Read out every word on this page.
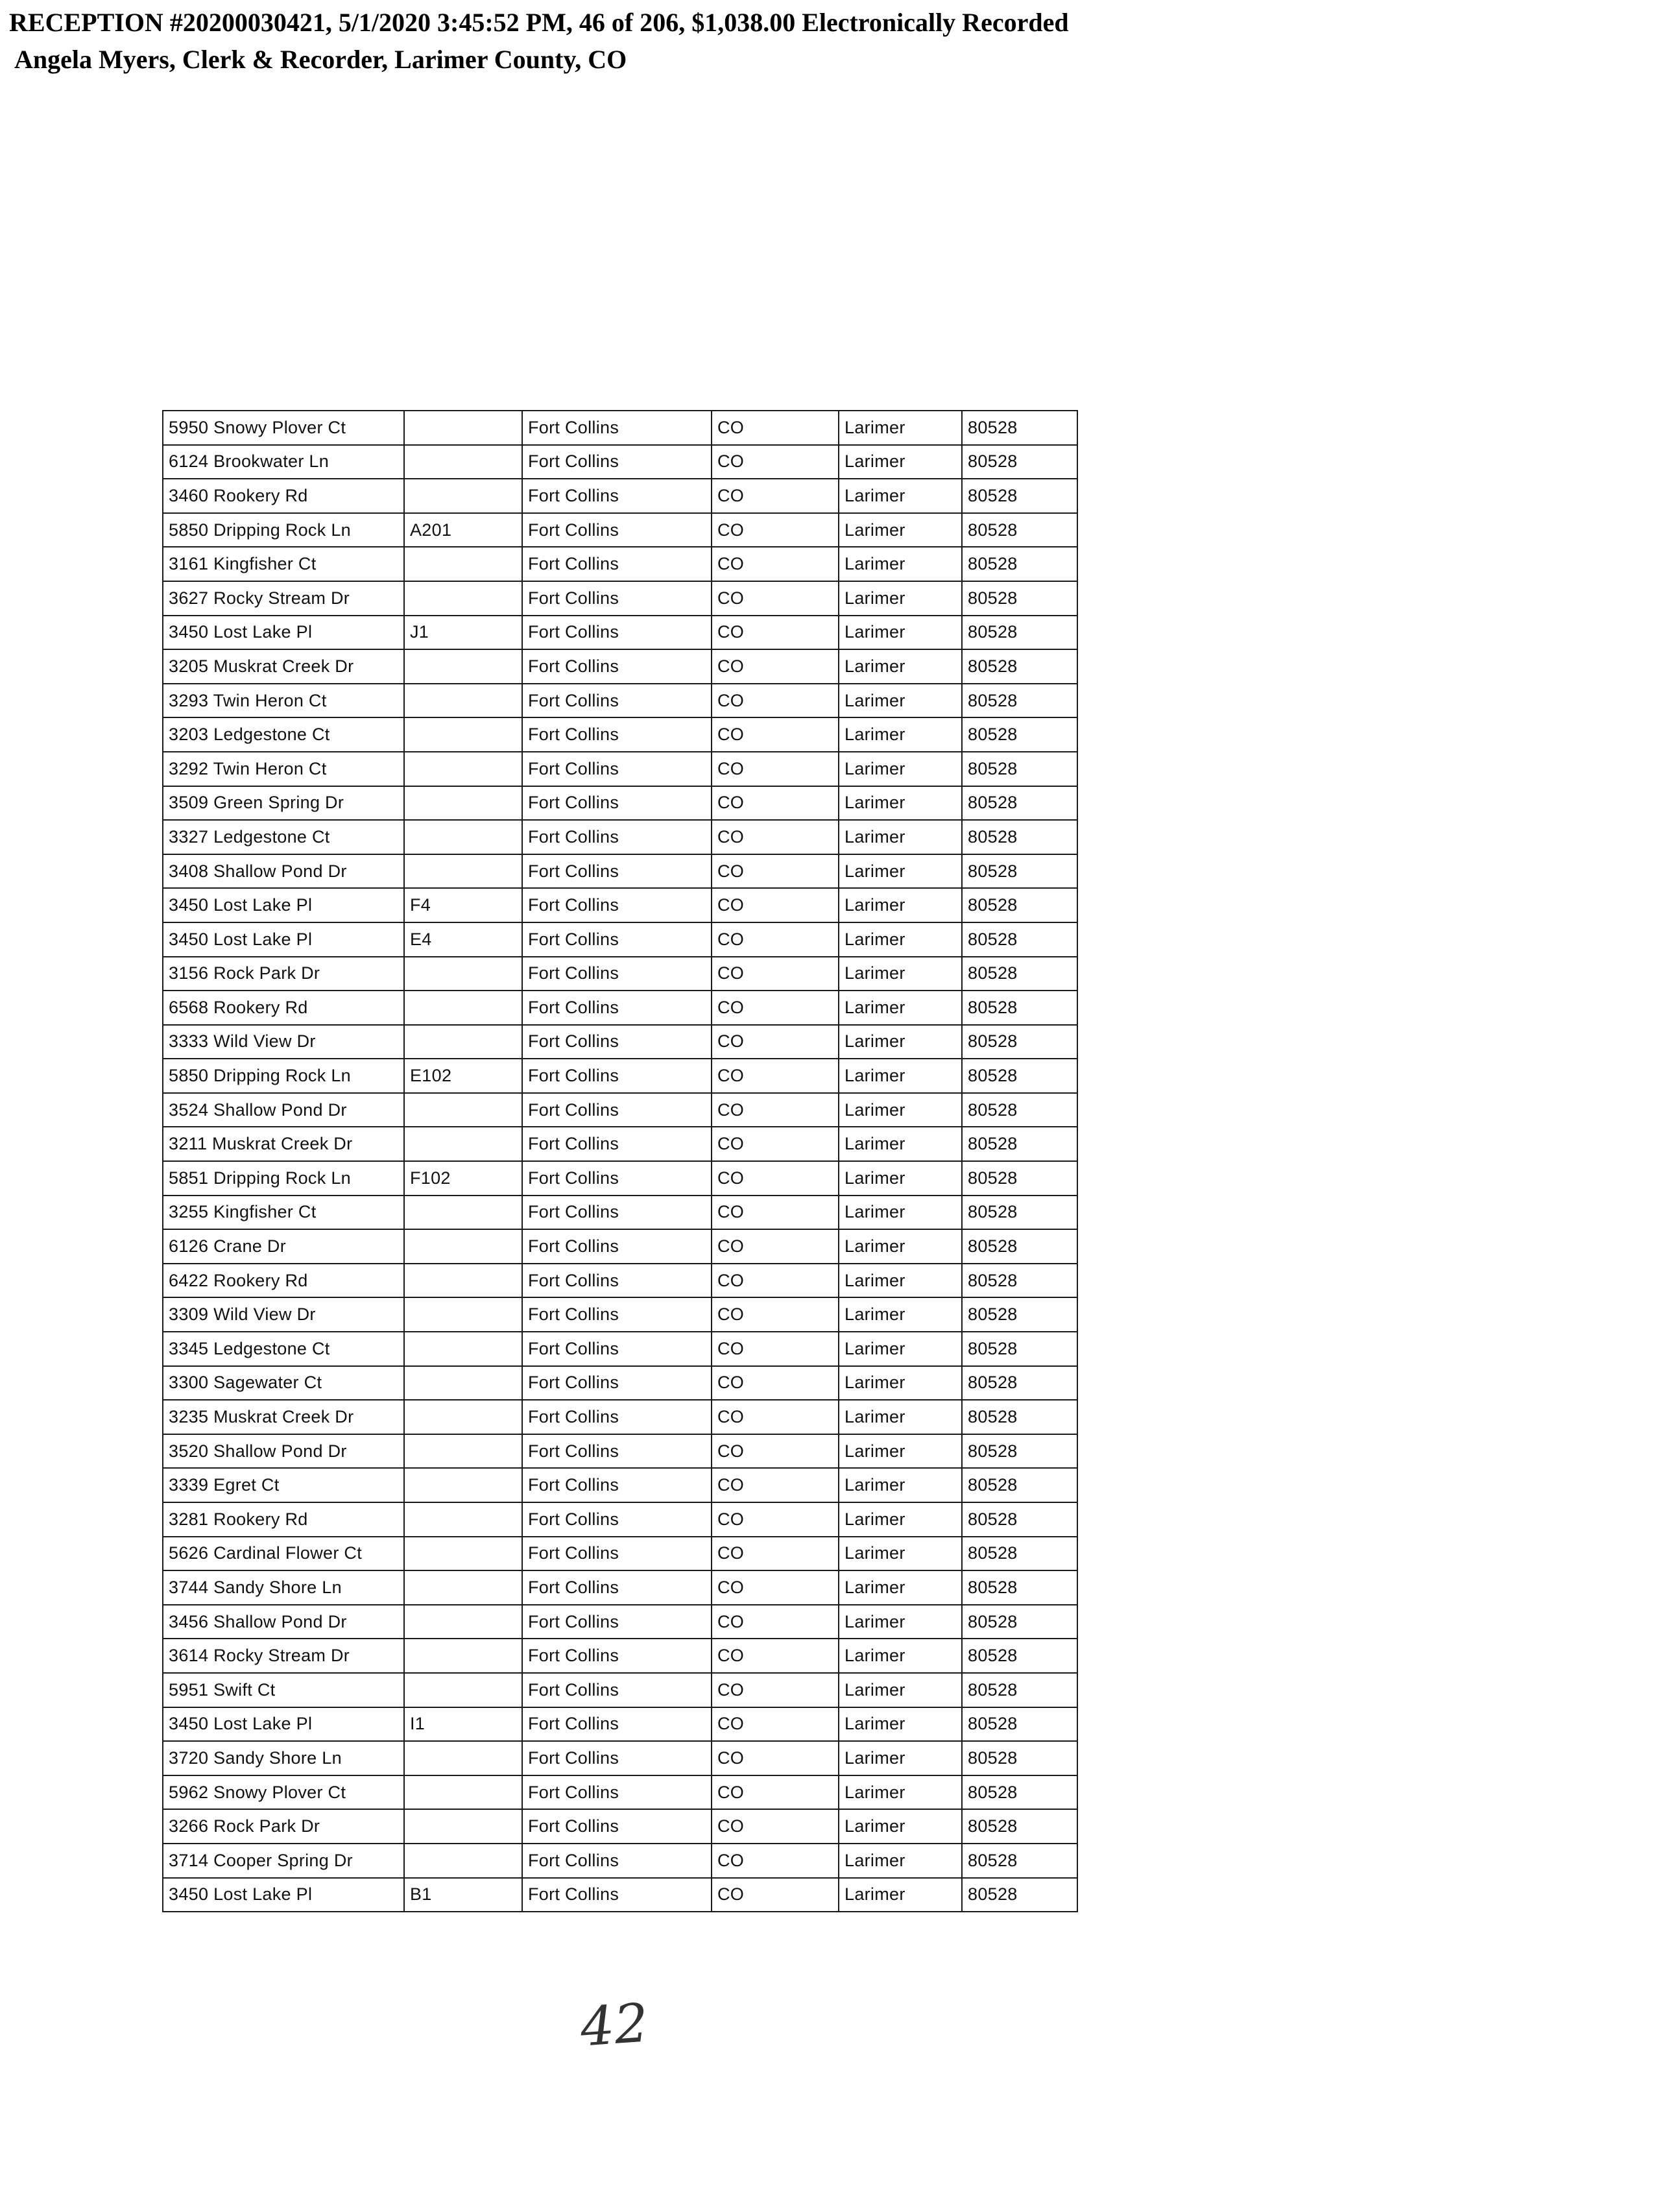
RECEPTION #20200030421, 5/1/2020 3:45:52 PM, 46 of 206, $1,038.00 Electronically Recorded
Angela Myers, Clerk & Recorder, Larimer County, CO
5950 Snowy Plover Ct		Fort Collins	CO	Larimer	80528
6124 Brookwater Ln		Fort Collins	CO	Larimer	80528
3460 Rookery Rd		Fort Collins	CO	Larimer	80528
5850 Dripping Rock Ln	A201	Fort Collins	CO	Larimer	80528
3161 Kingfisher Ct		Fort Collins	CO	Larimer	80528
3627 Rocky Stream Dr		Fort Collins	CO	Larimer	80528
3450 Lost Lake Pl	J1	Fort Collins	CO	Larimer	80528
3205 Muskrat Creek Dr		Fort Collins	CO	Larimer	80528
3293 Twin Heron Ct		Fort Collins	CO	Larimer	80528
3203 Ledgestone Ct		Fort Collins	CO	Larimer	80528
3292 Twin Heron Ct		Fort Collins	CO	Larimer	80528
3509 Green Spring Dr		Fort Collins	CO	Larimer	80528
3327 Ledgestone Ct		Fort Collins	CO	Larimer	80528
3408 Shallow Pond Dr		Fort Collins	CO	Larimer	80528
3450 Lost Lake Pl	F4	Fort Collins	CO	Larimer	80528
3450 Lost Lake Pl	E4	Fort Collins	CO	Larimer	80528
3156 Rock Park Dr		Fort Collins	CO	Larimer	80528
6568 Rookery Rd		Fort Collins	CO	Larimer	80528
3333 Wild View Dr		Fort Collins	CO	Larimer	80528
5850 Dripping Rock Ln	E102	Fort Collins	CO	Larimer	80528
3524 Shallow Pond Dr		Fort Collins	CO	Larimer	80528
3211 Muskrat Creek Dr		Fort Collins	CO	Larimer	80528
5851 Dripping Rock Ln	F102	Fort Collins	CO	Larimer	80528
3255 Kingfisher Ct		Fort Collins	CO	Larimer	80528
6126 Crane Dr		Fort Collins	CO	Larimer	80528
6422 Rookery Rd		Fort Collins	CO	Larimer	80528
3309 Wild View Dr		Fort Collins	CO	Larimer	80528
3345 Ledgestone Ct		Fort Collins	CO	Larimer	80528
3300 Sagewater Ct		Fort Collins	CO	Larimer	80528
3235 Muskrat Creek Dr		Fort Collins	CO	Larimer	80528
3520 Shallow Pond Dr		Fort Collins	CO	Larimer	80528
3339 Egret Ct		Fort Collins	CO	Larimer	80528
3281 Rookery Rd		Fort Collins	CO	Larimer	80528
5626 Cardinal Flower Ct		Fort Collins	CO	Larimer	80528
3744 Sandy Shore Ln		Fort Collins	CO	Larimer	80528
3456 Shallow Pond Dr		Fort Collins	CO	Larimer	80528
3614 Rocky Stream Dr		Fort Collins	CO	Larimer	80528
5951 Swift Ct		Fort Collins	CO	Larimer	80528
3450 Lost Lake Pl	I1	Fort Collins	CO	Larimer	80528
3720 Sandy Shore Ln		Fort Collins	CO	Larimer	80528
5962 Snowy Plover Ct		Fort Collins	CO	Larimer	80528
3266 Rock Park Dr		Fort Collins	CO	Larimer	80528
3714 Cooper Spring Dr		Fort Collins	CO	Larimer	80528
3450 Lost Lake Pl	B1	Fort Collins	CO	Larimer	80528
42
